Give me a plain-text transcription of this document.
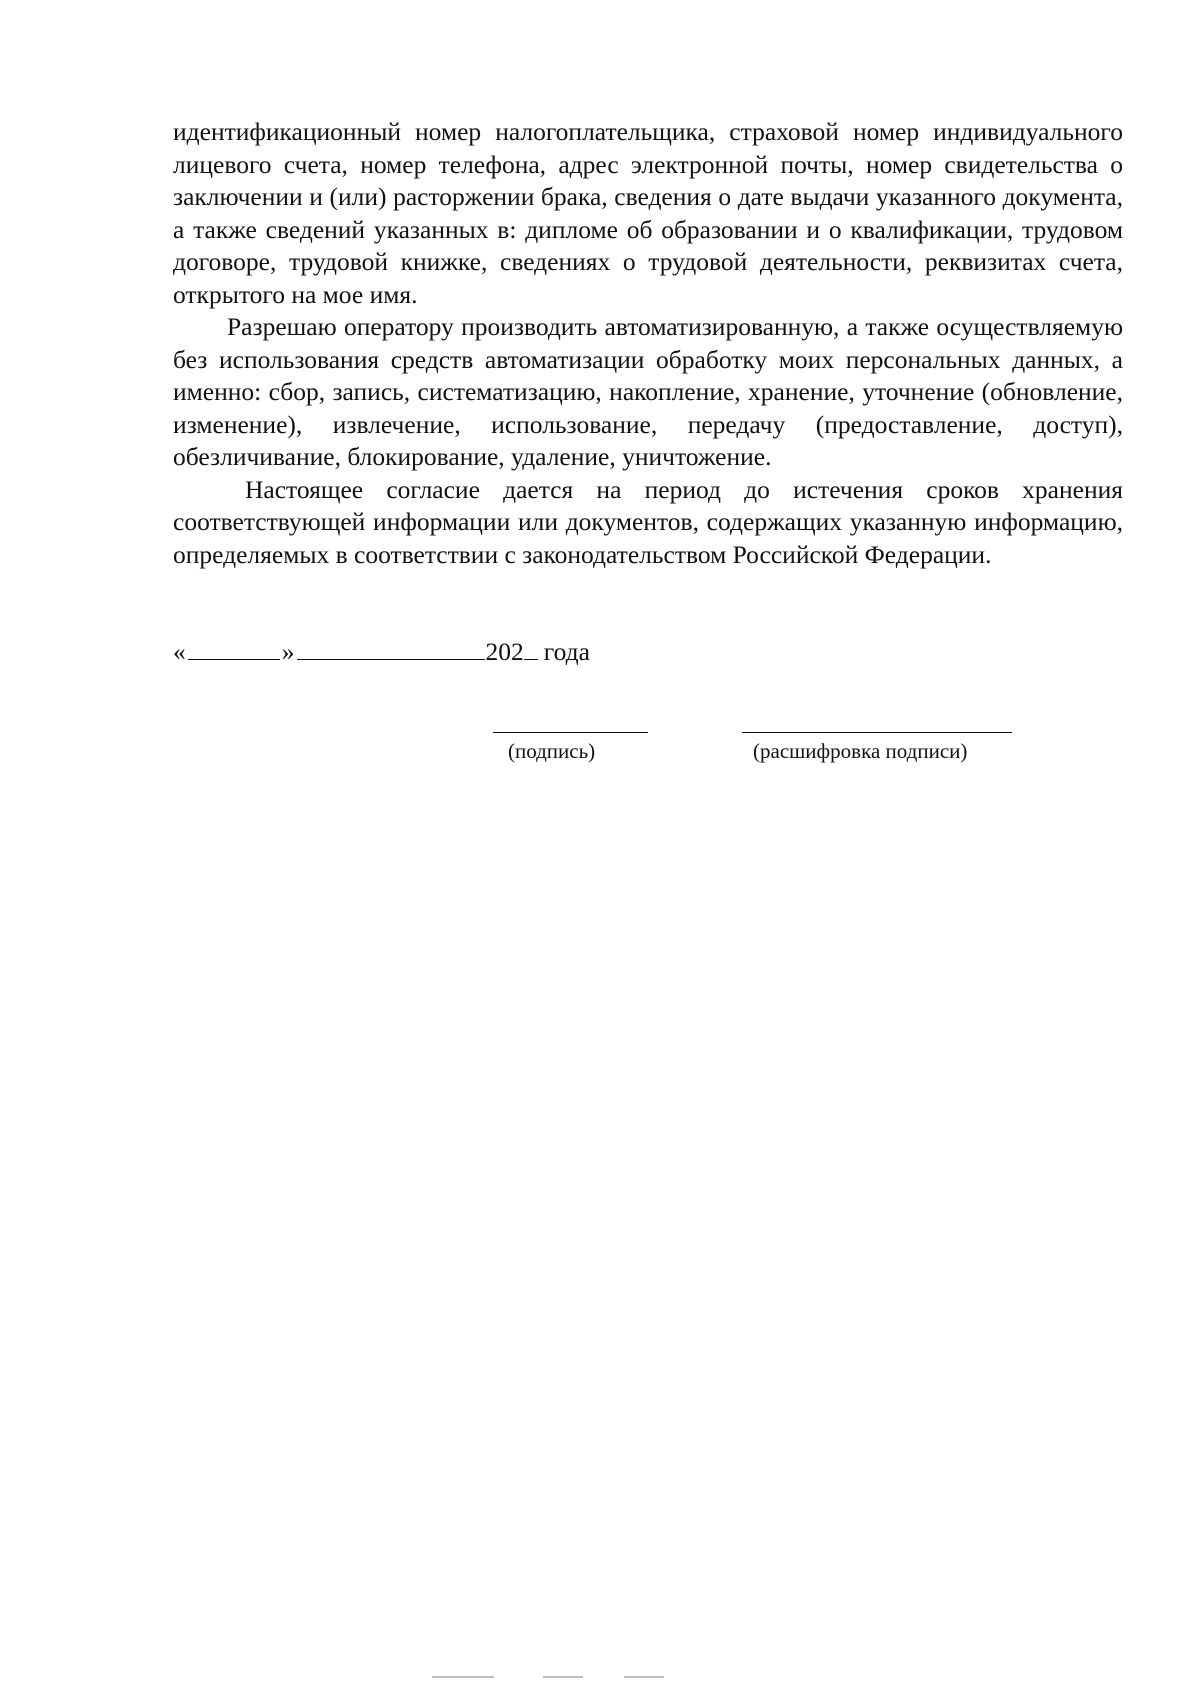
идентификационный номер налогоплательщика, страховой номер индивидуального лицевого счета, номер телефона, адрес электронной почты, номер свидетельства о заключении и (или) расторжении брака, сведения о дате выдачи указанного документа, а также сведений указанных в: дипломе об образовании и о квалификации, трудовом договоре, трудовой книжке, сведениях о трудовой деятельности, реквизитах счета, открытого на мое имя.

Разрешаю оператору производить автоматизированную, а также осуществляемую без использования средств автоматизации обработку моих персональных данных, а именно: сбор, запись, систематизацию, накопление, хранение, уточнение (обновление, изменение), извлечение, использование, передачу (предоставление, доступ), обезличивание, блокирование, удаление, уничтожение.

Настоящее согласие дается на период до истечения сроков хранения соответствующей информации или документов, содержащих указанную информацию, определяемых в соответствии с законодательством Российской Федерации.

«	»	202 года
(подпись)	(расшифровка подписи)
